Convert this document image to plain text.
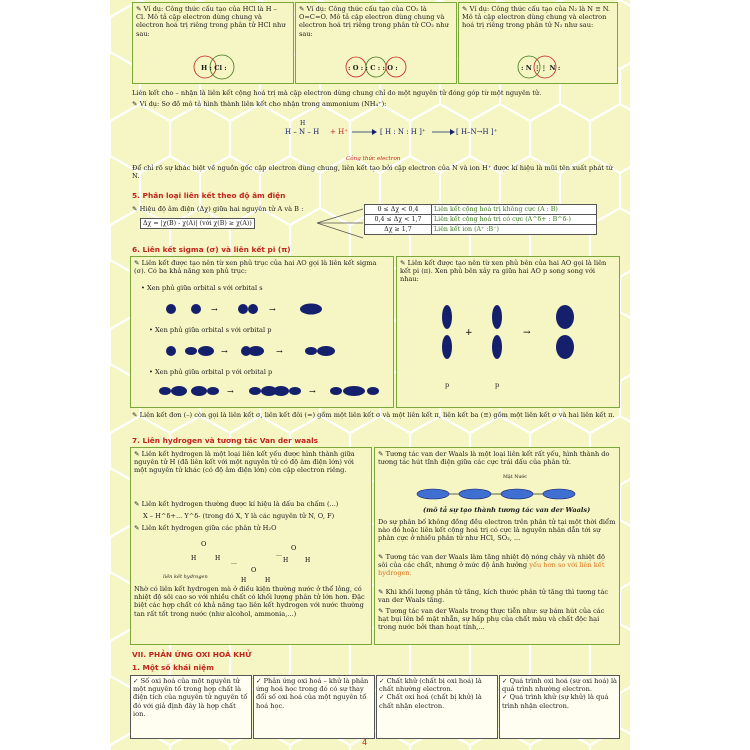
✎ Ví dụ: Công thức cấu tạo của HCl là H – Cl. Mô tả cặp electron dùng chung và electron hoá trị riêng trong phân tử HCl như sau:
H : Cl :
✎ Ví dụ: Công thức cấu tạo của CO₂ là O=C=O. Mô tả cặp electron dùng chung và electron hoá trị riêng trong phân tử CO₂ như sau:
: O : : C : : O :
✎ Ví dụ: Công thức cấu tạo của N₂ là N ≡ N. Mô tả cặp electron dùng chung và electron hoá trị riêng trong phân tử N₂ như sau:
: N ⋮⋮ N :
Liên kết cho – nhận là liên kết cộng hoá trị mà cặp electron dùng chung chỉ do một nguyên tử đóng góp từ một nguyên tử.
✎ Ví dụ: Sơ đồ mô tả hình thành liên kết cho nhận trong ammonium (NH₄⁺):
H – N – H
H
+ H⁺	[ H : N : H ]⁺	[ H–N→H ]⁺
Công thức electron
Để chỉ rõ sự khác biệt về nguồn gốc cặp electron dùng chung, liên kết tạo bởi cặp electron của N và ion H⁺ được kí hiệu là mũi tên xuất phát từ N.
5. Phân loại liên kết theo độ âm điện
✎ Hiệu độ âm điện (Δχ) giữa hai nguyên tử A và B :
Δχ = |χ(B) - χ(A)| (với χ(B) ≥ χ(A))
0 ≤ Δχ < 0,4	Liên kết cộng hoá trị không cực (A : B)
0,4 ≤ Δχ < 1,7	Liên kết cộng hoá trị có cực (A^δ+ : B^δ-)
Δχ ≥ 1,7	Liên kết ion (A⁺ :B⁻)
6. Liên kết sigma (σ) và liên kết pi (π)
✎ Liên kết được tạo nên từ xen phủ trục của hai AO gọi là liên kết sigma (σ). Có ba khả năng xen phủ trục:
• Xen phủ giữa orbital s với orbital s
• Xen phủ giữa orbital s với orbital p
• Xen phủ giữa orbital p với orbital p
→	→
→	→
→	→
✎ Liên kết được tạo nên từ xen phủ bên của hai AO gọi là liên kết pi (π). Xen phủ bên xảy ra giữa hai AO p song song với nhau:
+	→
p	p
✎ Liên kết đơn (–) còn gọi là liên kết σ, liên kết đôi (=) gồm một liên kết σ và một liên kết π, liên kết ba (≡) gồm một liên kết σ và hai liên kết π.
7. Liên hydrogen và tương tác Van der waals
✎ Liên kết hydrogen là một loại liên kết yếu được hình thành giữa nguyên tử H (đã liên kết với một nguyên tử có độ âm điện lớn) với một nguyên tử khác (có độ âm điện lớn) còn cặp electron riêng.
✎ Liên kết hydrogen thường được kí hiệu là dấu ba chấm (...)
X – H^δ+... Y^δ- (trong đó X, Y là các nguyên tử N, O, F)
✎ Liên kết hydrogen giữa các phân tử H₂O
O
H	H
…
O
H	H
…
O
H	H
liên kết hydrogen
Nhờ có liên kết hydrogen mà ở điều kiện thường nước ở thể lỏng, có nhiệt độ sôi cao so với nhiều chất có khối lượng phân tử lớn hơn. Đặc biệt các hợp chất có khả năng tạo liên kết hydrogen với nước thường tan rất tốt trong nước (như alcohol, ammonia,...)
✎ Tương tác van der Waals là một loại liên kết rất yếu, hình thành do tương tác hút tĩnh điện giữa các cực trái dấu của phân tử.
Mặt Nước
(mô tả sự tạo thành tương tác van der Waals)
Do sự phân bố không đồng đều electron trên phân tử tại một thời điểm nào đó hoặc liên kết cộng hoá trị có cực là nguyên nhân dẫn tới sự phân cực ở nhiều phân tử như HCl, SO₂, ...
✎ Tương tác van der Waals làm tăng nhiệt độ nóng chảy và nhiệt độ sôi của các chất, nhưng ở mức độ ảnh hưởng yếu hơn so với liên kết hydrogen.
✎ Khi khối lượng phân tử tăng, kích thước phân tử tăng thì tương tác van der Waals tăng.
✎ Tương tác van der Waals trong thực tiễn như: sự bám hút của các hạt bụi lên bề mặt nhẵn, sự hấp phụ của chất màu và chất độc hại trong nước bởi than hoạt tính,...
VII. PHẢN ỨNG OXI HOÁ KHỬ
1. Một số khái niệm
✓ Số oxi hoá của một nguyên tử một nguyên tố trong hợp chất là điện tích của nguyên tử nguyên tố đó với giả định đây là hợp chất ion.
✓ Phản ứng oxi hoá – khử là phản ứng hoá học trong đó có sự thay đổi số oxi hoá của một nguyên tố hoá học.
✓ Chất khử (chất bị oxi hoá) là chất nhường electron.
✓ Chất oxi hoá (chất bị khử) là chất nhận electron.
✓ Quá trình oxi hoá (sự oxi hoá) là quá trình nhường electron.
✓ Quá trình khử (sự khử) là quá trình nhận electron.
4
